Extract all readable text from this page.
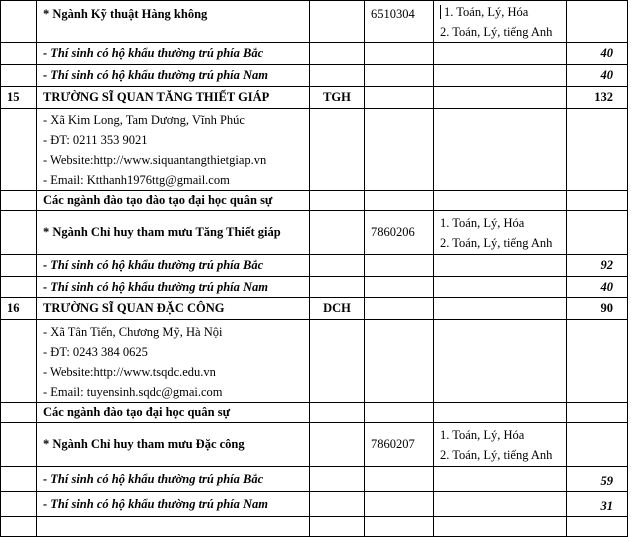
	* Ngành Kỹ thuật Hàng không		6510304	1. Toán, Lý, Hóa
2. Toán, Lý, tiếng Anh	

	- Thí sinh có hộ khẩu thường trú phía Bắc				40
	- Thí sinh có hộ khẩu thường trú phía Nam				40
15	TRƯỜNG SĨ QUAN TĂNG THIẾT GIÁP	TGH			132

	- Xã Kim Long, Tam Dương, Vĩnh Phúc
- ĐT: 0211 353 9021
- Website:http://www.siquantangthietgiap.vn
- Email: Ktthanh1976ttg@gmail.com				

	Các ngành đào tạo đào tạo đại học quân sự				
	* Ngành Chỉ huy tham mưu Tăng Thiết giáp		7860206	1. Toán, Lý, Hóa
2. Toán, Lý, tiếng Anh	

	- Thí sinh có hộ khẩu thường trú phía Bắc				92
	- Thí sinh có hộ khẩu thường trú phía Nam				40
16	TRƯỜNG SĨ QUAN ĐẶC CÔNG	DCH			90

	- Xã Tân Tiến, Chương Mỹ, Hà Nội
- ĐT: 0243 384 0625
- Website:http://www.tsqdc.edu.vn
- Email: tuyensinh.sqdc@gmai.com				

	Các ngành đào tạo đại học quân sự				
	* Ngành Chỉ huy tham mưu Đặc công		7860207	1. Toán, Lý, Hóa
2. Toán, Lý, tiếng Anh	

	- Thí sinh có hộ khẩu thường trú phía Bắc				59
	- Thí sinh có hộ khẩu thường trú phía Nam				31
